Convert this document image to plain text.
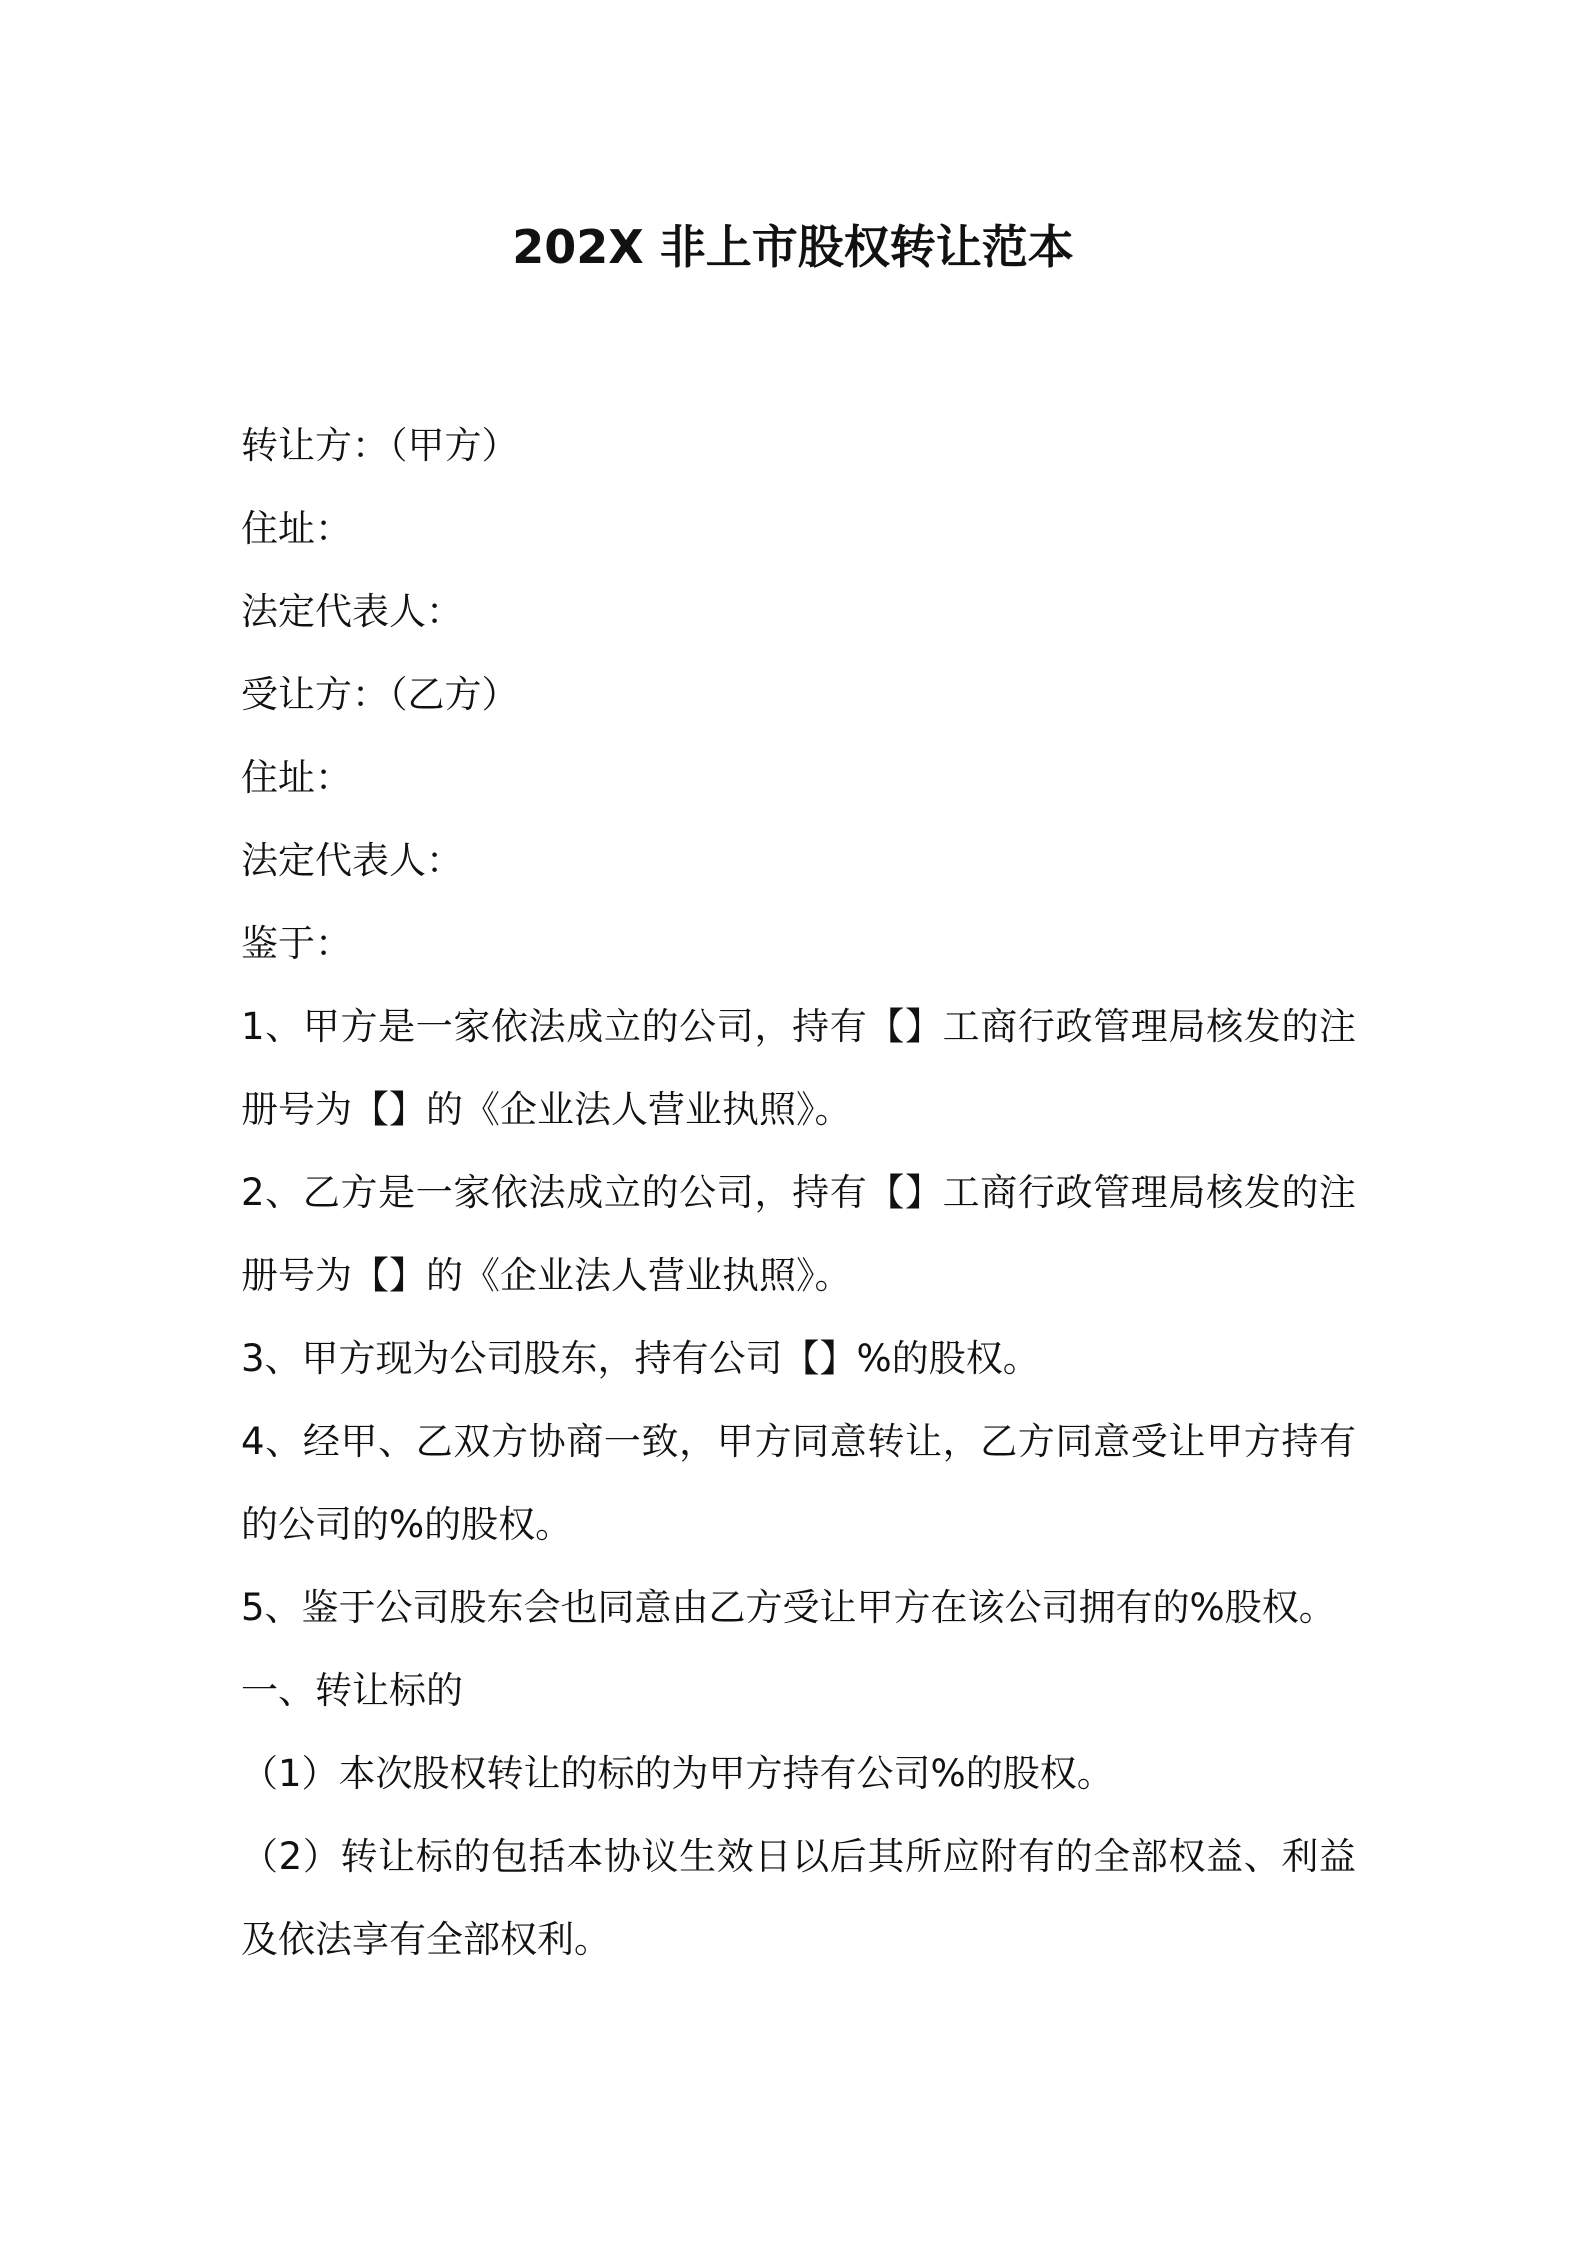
202X 非上市股权转让范本
转让方：（甲方）
住址：
法定代表人：
受让方：（乙方）
住址：
法定代表人：
鉴于：
1、甲方是一家依法成立的公司，持有【】工商行政管理局核发的注
册号为【】的《企业法人营业执照》。
2、乙方是一家依法成立的公司，持有【】工商行政管理局核发的注
册号为【】的《企业法人营业执照》。
3、甲方现为公司股东，持有公司【】%的股权。
4、经甲、乙双方协商一致，甲方同意转让，乙方同意受让甲方持有
的公司的%的股权。
5、鉴于公司股东会也同意由乙方受让甲方在该公司拥有的%股权。
一、转让标的
（1）本次股权转让的标的为甲方持有公司%的股权。
（2）转让标的包括本协议生效日以后其所应附有的全部权益、利益
及依法享有全部权利。
